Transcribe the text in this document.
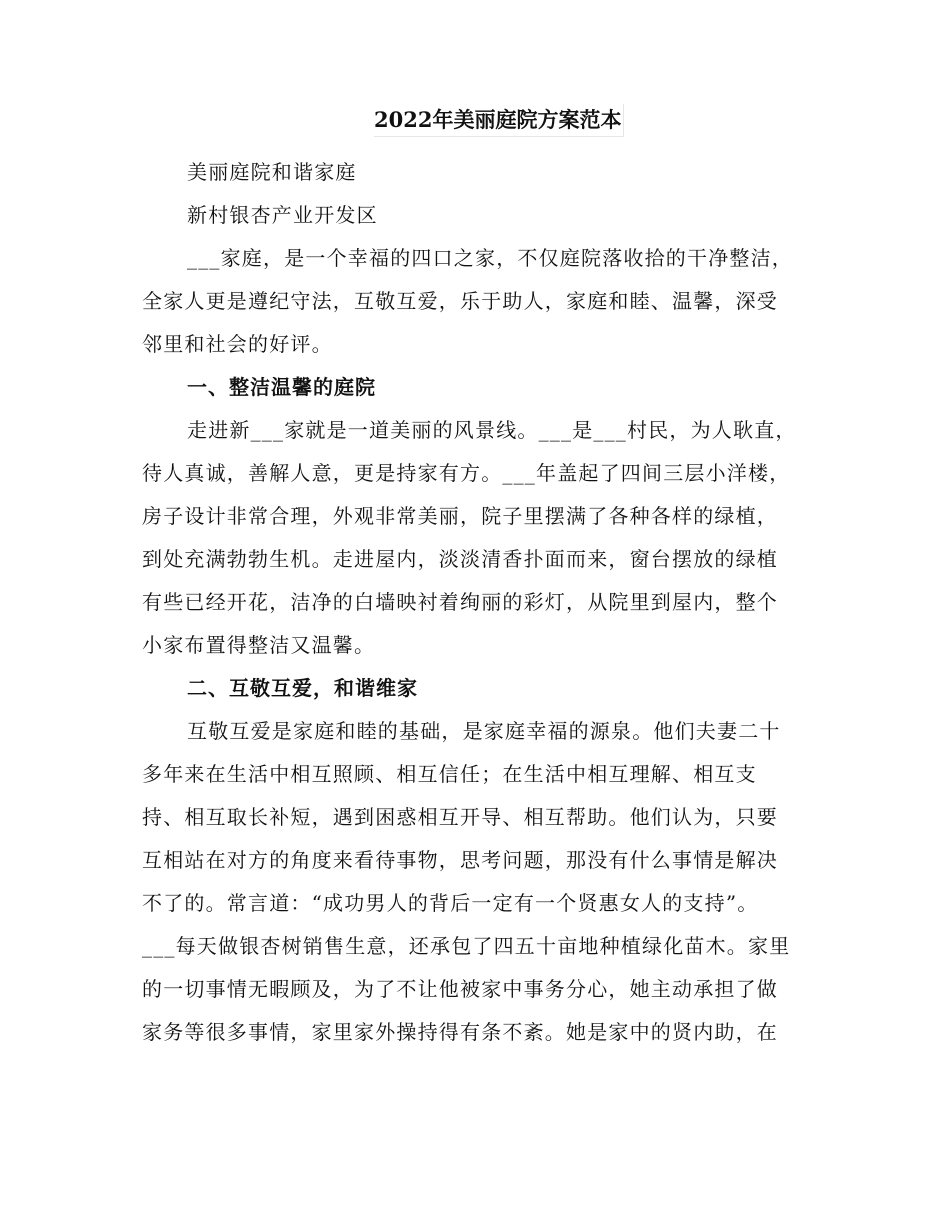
2022年美丽庭院方案范本
美丽庭院和谐家庭
新村银杏产业开发区
___家庭，是一个幸福的四口之家，不仅庭院落收拾的干净整洁，
全家人更是遵纪守法，互敬互爱，乐于助人，家庭和睦、温馨，深受
邻里和社会的好评。
一、整洁温馨的庭院
走进新___家就是一道美丽的风景线。___是___村民，为人耿直，
待人真诚，善解人意，更是持家有方。___年盖起了四间三层小洋楼，
房子设计非常合理，外观非常美丽，院子里摆满了各种各样的绿植，
到处充满勃勃生机。走进屋内，淡淡清香扑面而来，窗台摆放的绿植
有些已经开花，洁净的白墙映衬着绚丽的彩灯，从院里到屋内，整个
小家布置得整洁又温馨。
二、互敬互爱，和谐维家
互敬互爱是家庭和睦的基础，是家庭幸福的源泉。他们夫妻二十
多年来在生活中相互照顾、相互信任；在生活中相互理解、相互支
持、相互取长补短，遇到困惑相互开导、相互帮助。他们认为，只要
互相站在对方的角度来看待事物，思考问题，那没有什么事情是解决
不了的。常言道：“成功男人的背后一定有一个贤惠女人的支持”。
___每天做银杏树销售生意，还承包了四五十亩地种植绿化苗木。家里
的一切事情无暇顾及，为了不让他被家中事务分心，她主动承担了做
家务等很多事情，家里家外操持得有条不紊。她是家中的贤内助，在
